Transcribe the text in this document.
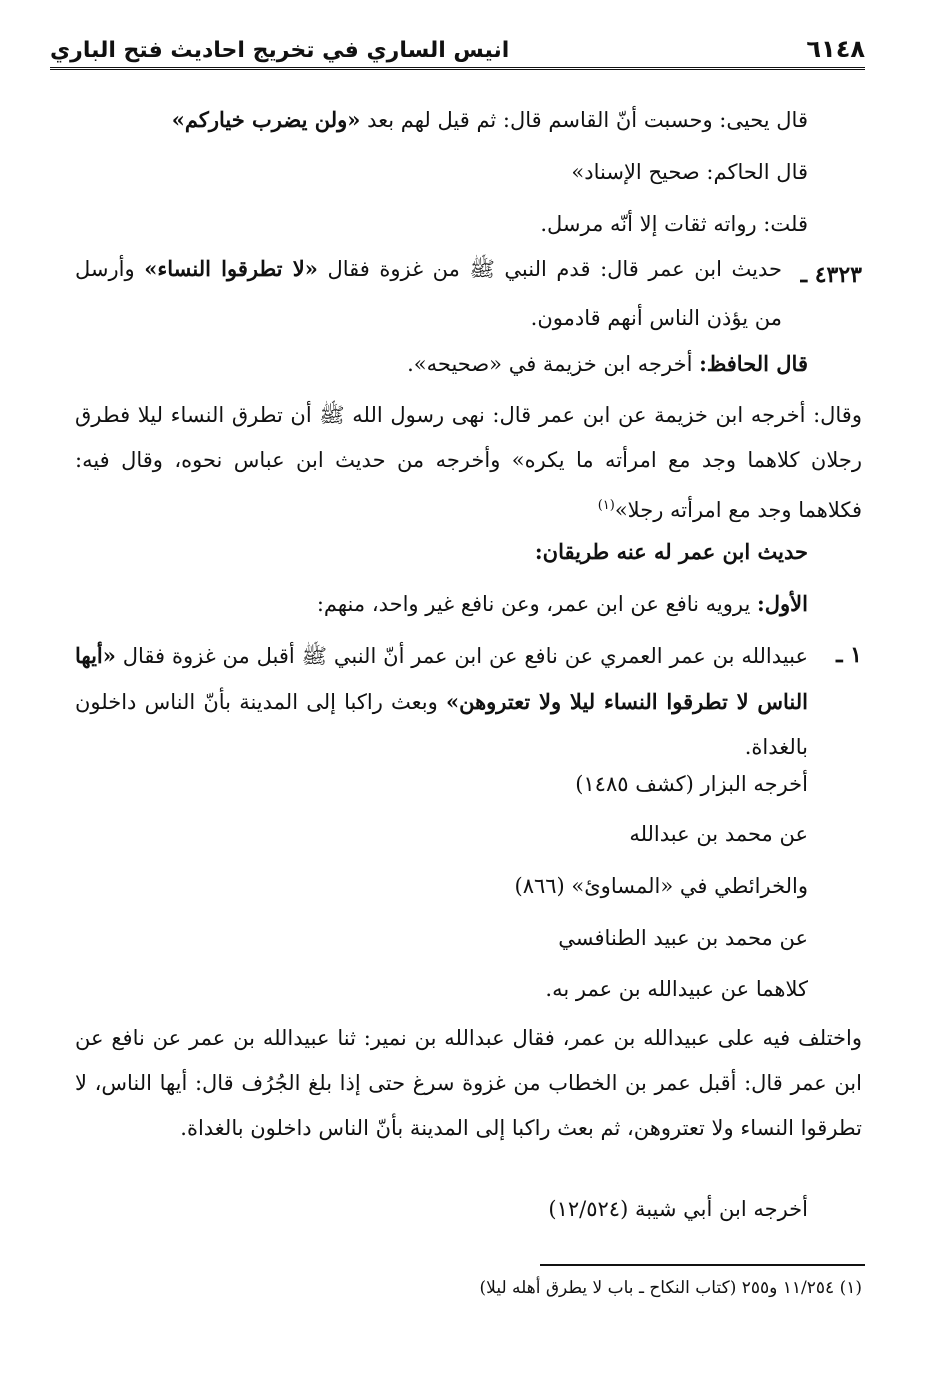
انيس الساري في تخريج احاديث فتح الباري	٦١٤٨
قال يحيى: وحسبت أنّ القاسم قال: ثم قيل لهم بعد «ولن يضرب خياركم»
قال الحاكم: صحيح الإسناد»
قلت: رواته ثقات إلا أنّه مرسل.
٤٣٢٣ ـ
حديث ابن عمر قال: قدم النبي ﷺ من غزوة فقال «لا تطرقوا النساء» وأرسل
من يؤذن الناس أنهم قادمون.
قال الحافظ: أخرجه ابن خزيمة في «صحيحه».
وقال: أخرجه ابن خزيمة عن ابن عمر قال: نهى رسول الله ﷺ أن تطرق النساء ليلا فطرق رجلان كلاهما وجد مع امرأته ما يكره» وأخرجه من حديث ابن عباس نحوه، وقال فيه: فكلاهما وجد مع امرأته رجلا»$^{(١)}$
حديث ابن عمر له عنه طريقان:
الأول: يرويه نافع عن ابن عمر، وعن نافع غير واحد، منهم:
١ ـ
عبيدالله بن عمر العمري عن نافع عن ابن عمر أنّ النبي ﷺ أقبل من غزوة فقال «أيها الناس لا تطرقوا النساء ليلا ولا تعتروهن» وبعث راكبا إلى المدينة بأنّ الناس داخلون بالغداة.
أخرجه البزار (كشف ١٤٨٥)
عن محمد بن عبدالله
والخرائطي في «المساوئ» (٨٦٦)
عن محمد بن عبيد الطنافسي
كلاهما عن عبيدالله بن عمر به.
واختلف فيه على عبيدالله بن عمر، فقال عبدالله بن نمير: ثنا عبيدالله بن عمر عن نافع عن ابن عمر قال: أقبل عمر بن الخطاب من غزوة سرغ حتى إذا بلغ الجُرُف قال: أيها الناس، لا تطرقوا النساء ولا تعتروهن، ثم بعث راكبا إلى المدينة بأنّ الناس داخلون بالغداة.
أخرجه ابن أبي شيبة (١٢/٥٢٤)
(١) ١١/٢٥٤ و٢٥٥ (كتاب النكاح ـ باب لا يطرق أهله ليلا)
